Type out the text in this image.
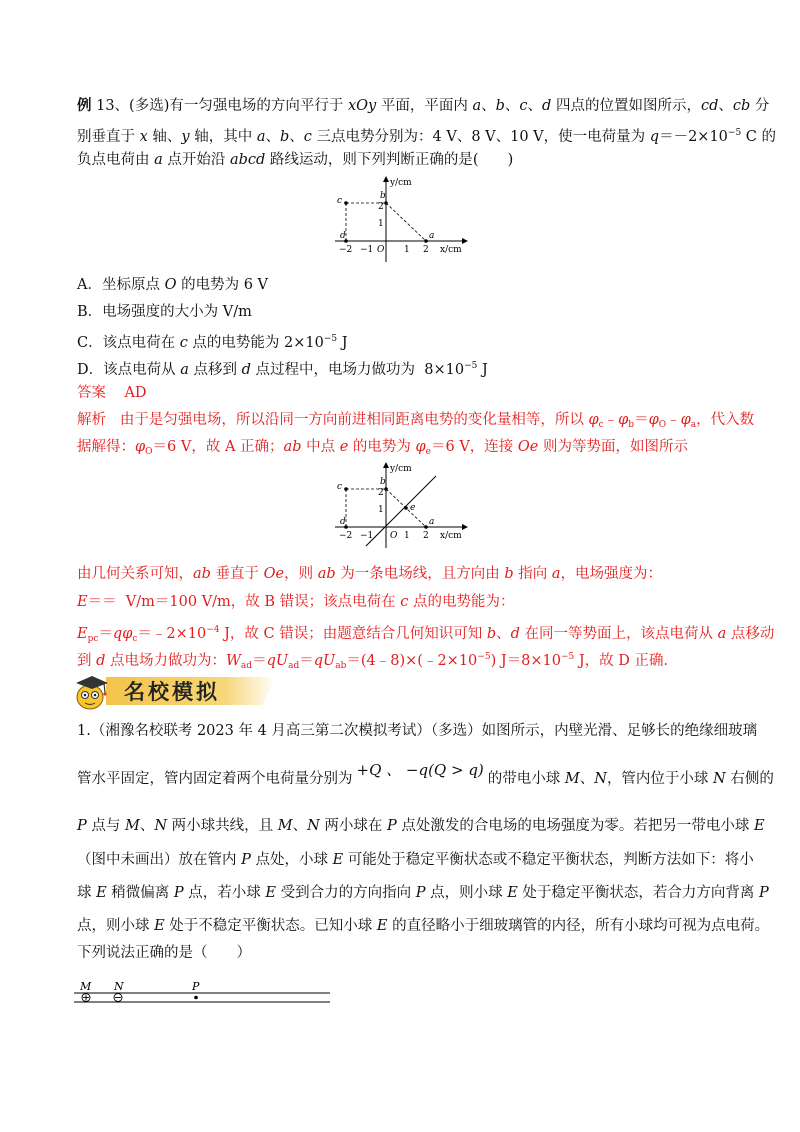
例 13、(多选)有一匀强电场的方向平行于 xOy 平面，平面内 a、b、c、d 四点的位置如图所示，cd、cb 分
别垂直于 x 轴、y 轴，其中 a、b、c 三点电势分别为：4 V、8 V、10 V，使一电荷量为 $q=-2\times 10^{-5}$ C 的
负点电荷由 a 点开始沿 abcd 路线运动，则下列判断正确的是(　　)
c	b
a
d
y/cm
x/cm
−2 −1 O 1 2
1
2
A．坐标原点 O 的电势为 6 V
B．电场强度的大小为 V/m
C．该点电荷在 c 点的电势能为 $2\times 10^{-5}$ J
D．该点电荷从 a 点移到 d 点过程中，电场力做功为  $8\times 10^{-5}$ J
答案 AD
解析   由于是匀强电场，所以沿同一方向前进相同距离电势的变化量相等，所以 $\varphi_c﹣\varphi_b=\varphi_O﹣\varphi_a$，代入数
据解得：$\varphi_O=6$ V，故 A 正确；ab 中点 e 的电势为 $\varphi_e=6$ V，连接 Oe 则为等势面，如图所示
c	b
a
d
e
y/cm
x/cm
−2 −1 O 1 2
1
2
由几何关系可知，ab 垂直于 Oe，则 ab 为一条电场线，且方向由 b 指向 a，电场强度为：
E＝＝  V/m＝100 V/m，故 B 错误；该点电荷在 c 点的电势能为：
$E_{pc}=q\varphi_c=﹣2\times 10^{-4}$ J，故 C 错误；由题意结合几何知识可知 b、d 在同一等势面上，该点电荷从 a 点移动
到 d 点电场力做功为：$W_{ad}=qU_{ad}=qU_{ab}=(4﹣8)\times(﹣2\times 10^{-5})$ $J=8\times 10^{-5}$ J，故 D 正确．
名校模拟
1.（湘豫名校联考 2023 年 4 月高三第二次模拟考试）（多选）如图所示，内壁光滑、足够长的绝缘细玻璃
管水平固定，管内固定着两个电荷量分别为 +Q 、 −q(Q > q) 的带电小球 M、N，管内位于小球 N 右侧的
P 点与 M、N 两小球共线，且 M、N 两小球在 P 点处激发的合电场的电场强度为零。若把另一带电小球 E
（图中未画出）放在管内 P 点处，小球 E 可能处于稳定平衡状态或不稳定平衡状态，判断方法如下：将小
球 E 稍微偏离 P 点，若小球 E 受到合力的方向指向 P 点，则小球 E 处于稳定平衡状态，若合力方向背离 P
点，则小球 E 处于不稳定平衡状态。已知小球 E 的直径略小于细玻璃管的内径，所有小球均可视为点电荷。
下列说法正确的是（　　）
M N	P
